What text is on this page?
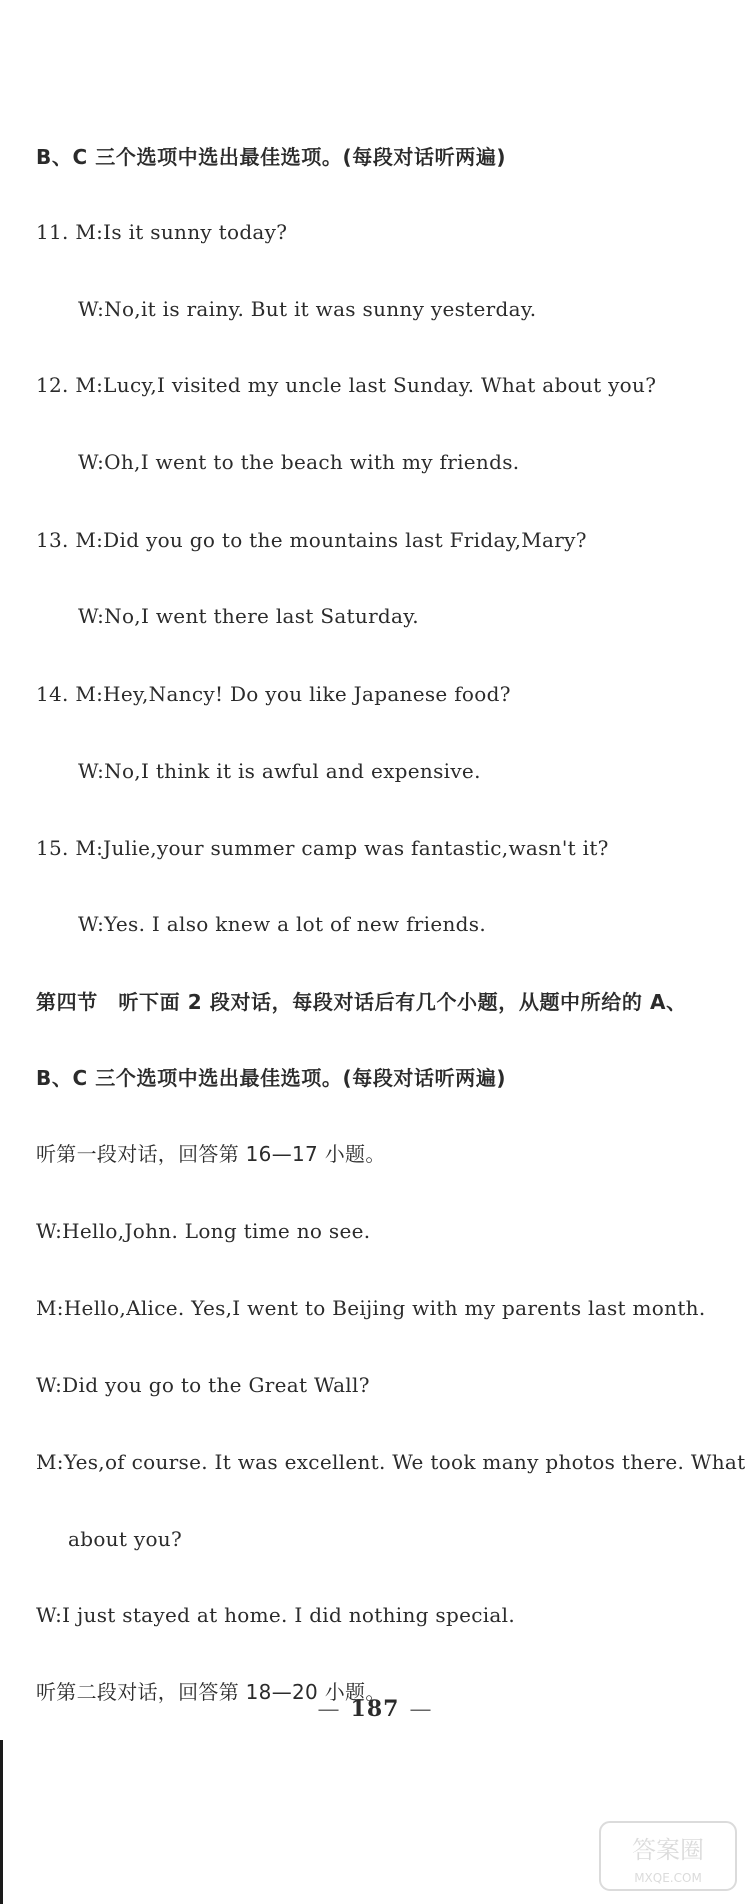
B、C 三个选项中选出最佳选项。(每段对话听两遍)
11. M:Is it sunny today?
W:No,it is rainy. But it was sunny yesterday.
12. M:Lucy,I visited my uncle last Sunday. What about you?
W:Oh,I went to the beach with my friends.
13. M:Did you go to the mountains last Friday,Mary?
W:No,I went there last Saturday.
14. M:Hey,Nancy! Do you like Japanese food?
W:No,I think it is awful and expensive.
15. M:Julie,your summer camp was fantastic,wasn't it?
W:Yes. I also knew a lot of new friends.
第四节　听下面 2 段对话，每段对话后有几个小题，从题中所给的 A、
B、C 三个选项中选出最佳选项。(每段对话听两遍)
听第一段对话，回答第 16—17 小题。
W:Hello,John. Long time no see.
M:Hello,Alice. Yes,I went to Beijing with my parents last month.
W:Did you go to the Great Wall?
M:Yes,of course. It was excellent. We took many photos there. What
about you?
W:I just stayed at home. I did nothing special.
听第二段对话，回答第 18—20 小题。
— 187 —
答案圈
MXQE.COM
